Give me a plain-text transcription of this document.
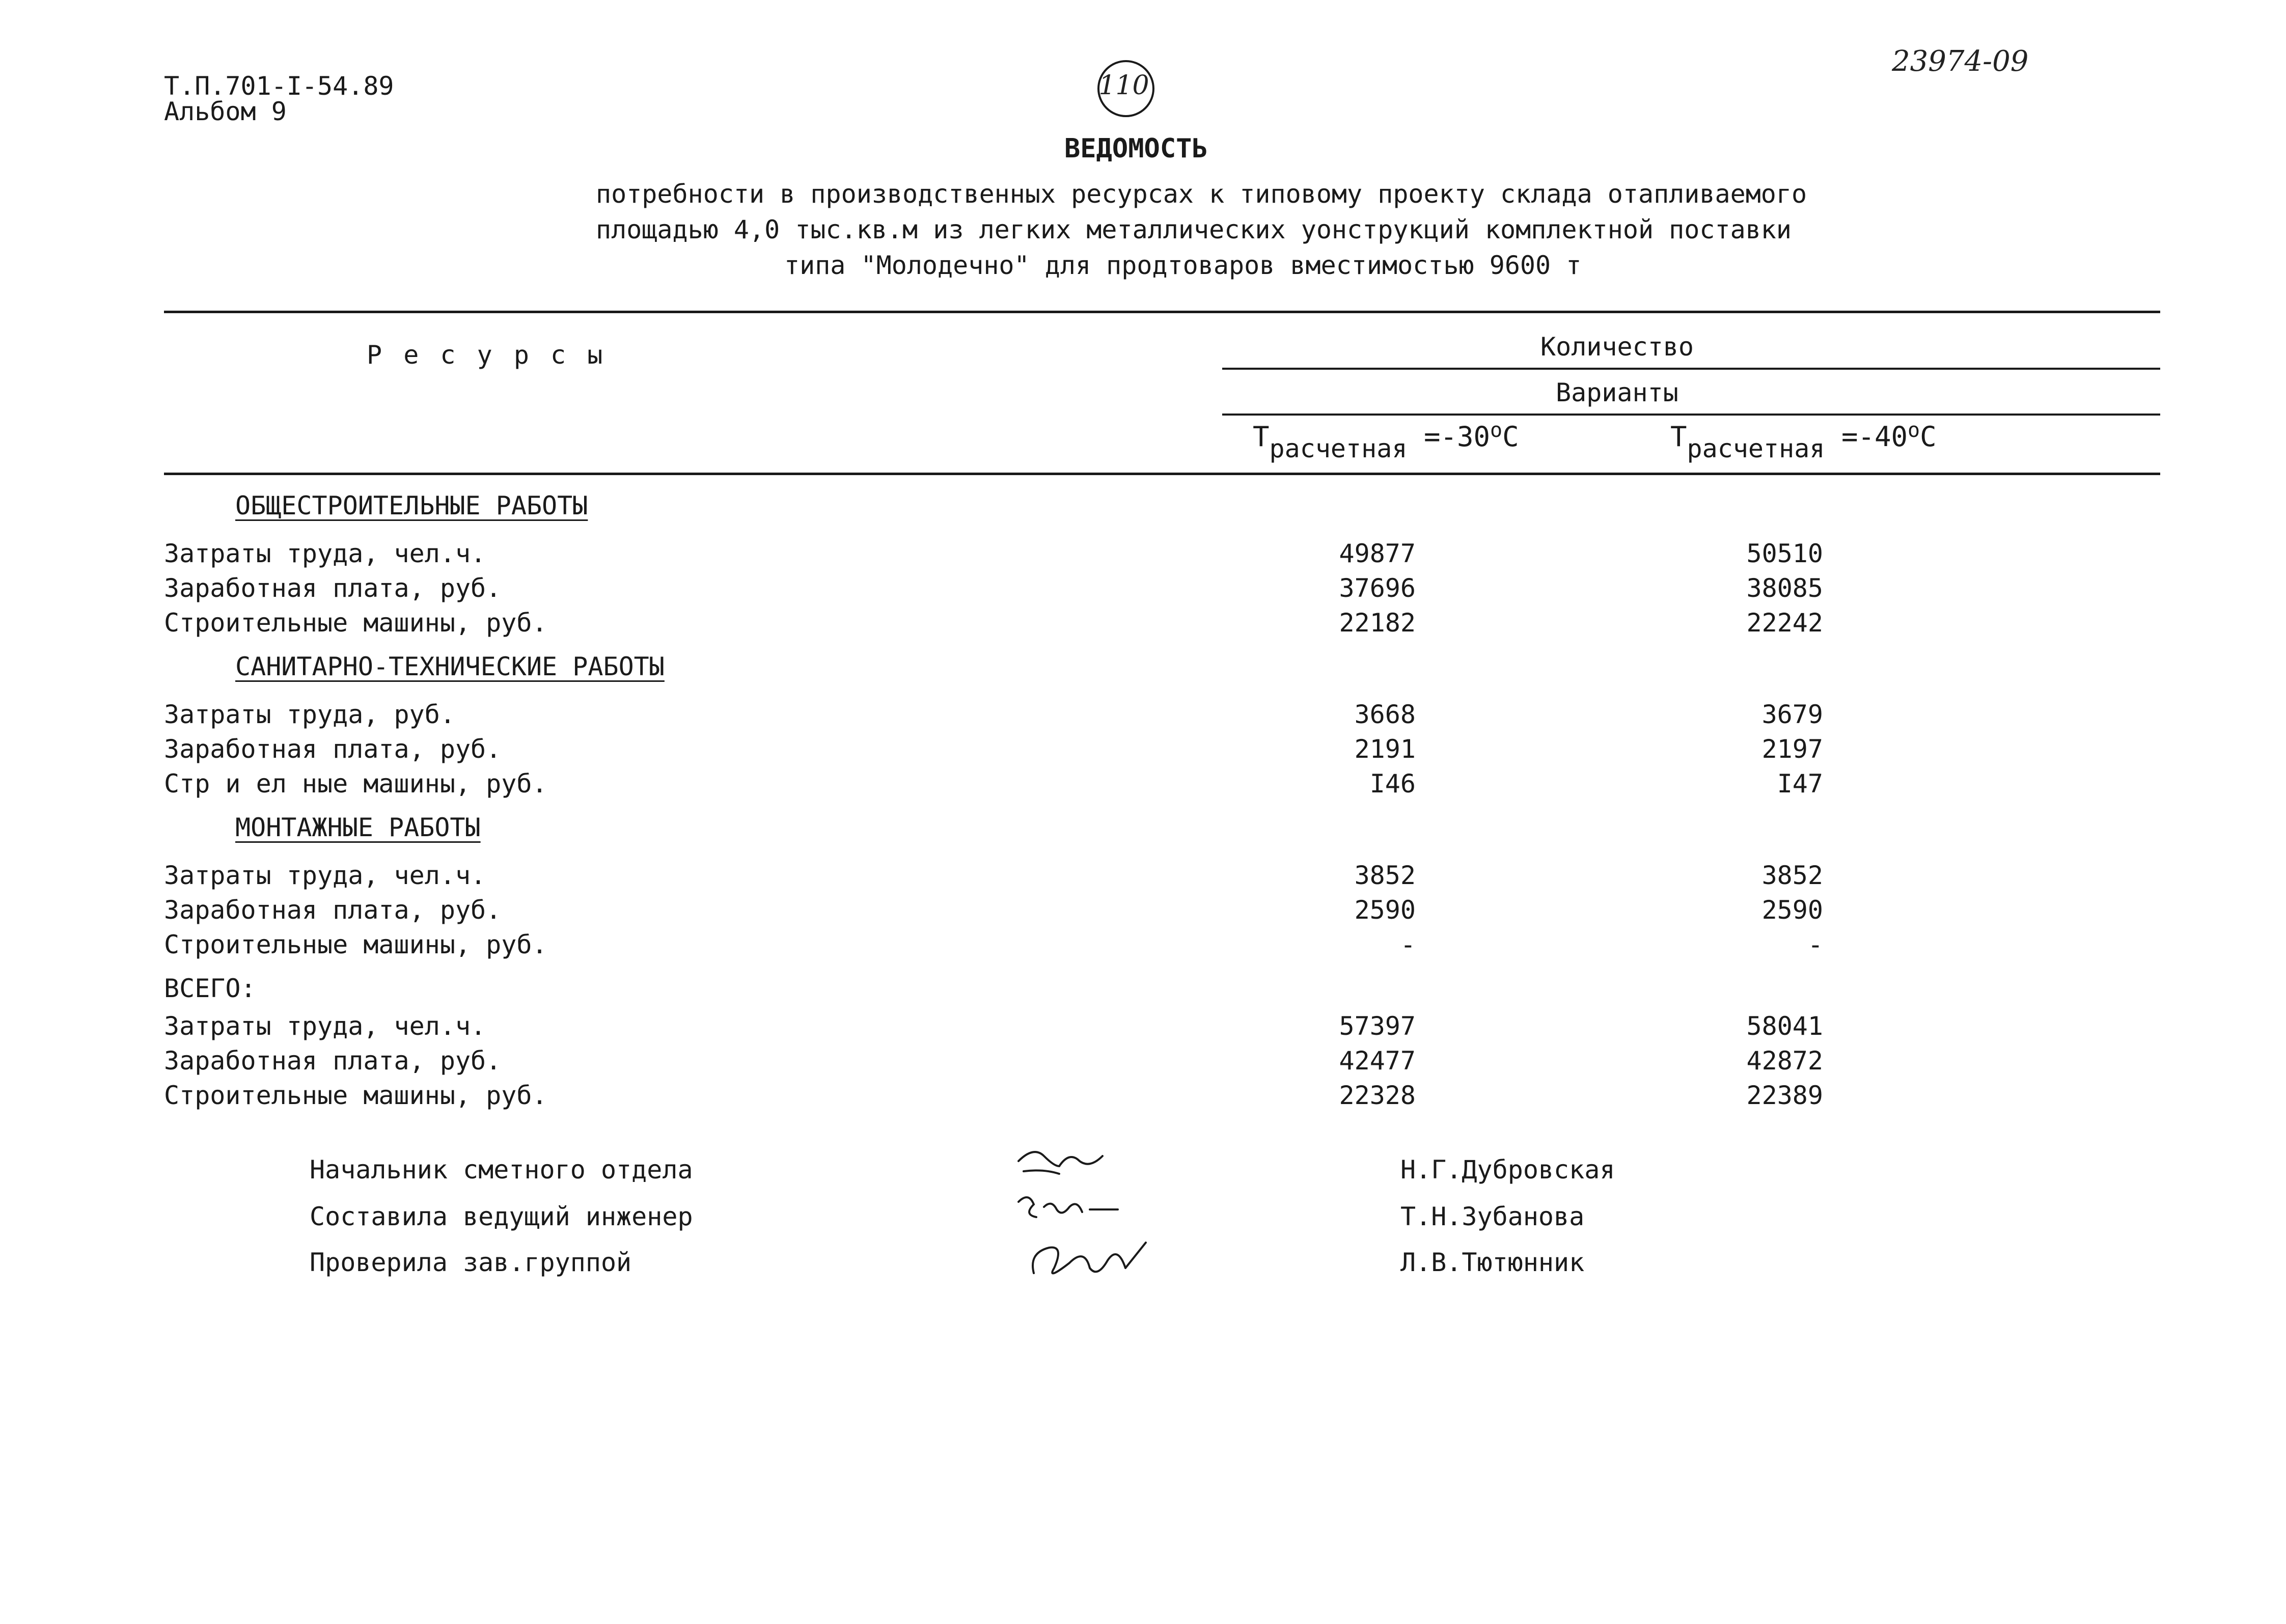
Т.П.701-I-54.89
Альбом 9
110
23974-09
ВЕДОМОСТЬ
потребности в производственных ресурсах к типовому проекту склада отапливаемого
площадью 4,0 тыс.кв.м из легких металлических уонструкций комплектной поставки
типа "Молодечно" для продтоваров вместимостью 9600 т
Р е с у р с ы	Количество
Варианты
Трасчетная $=-30^оС$	Трасчетная $=-40^оС$
ОБЩЕСТРОИТЕЛЬНЫЕ РАБОТЫ
Затраты труда, чел.ч.	49877	50510
Заработная плата, руб.	37696	38085
Строительные машины, руб.	22182	22242
САНИТАРНО-ТЕХНИЧЕСКИЕ РАБОТЫ
Затраты труда, руб.	3668	3679
Заработная плата, руб.	2191	2197
Стр и ел ные машины, руб.	I46	I47
МОНТАЖНЫЕ РАБОТЫ
Затраты труда, чел.ч.	3852	3852
Заработная плата, руб.	2590	2590
Строительные машины, руб.	-	-
ВСЕГО:
Затраты труда, чел.ч.	57397	58041
Заработная плата, руб.	42477	42872
Строительные машины, руб.	22328	22389
Начальник сметного отдела	Н.Г.Дубровская
Составила ведущий инженер	Т.Н.Зубанова
Проверила зав.группой	Л.В.Тютюнник
